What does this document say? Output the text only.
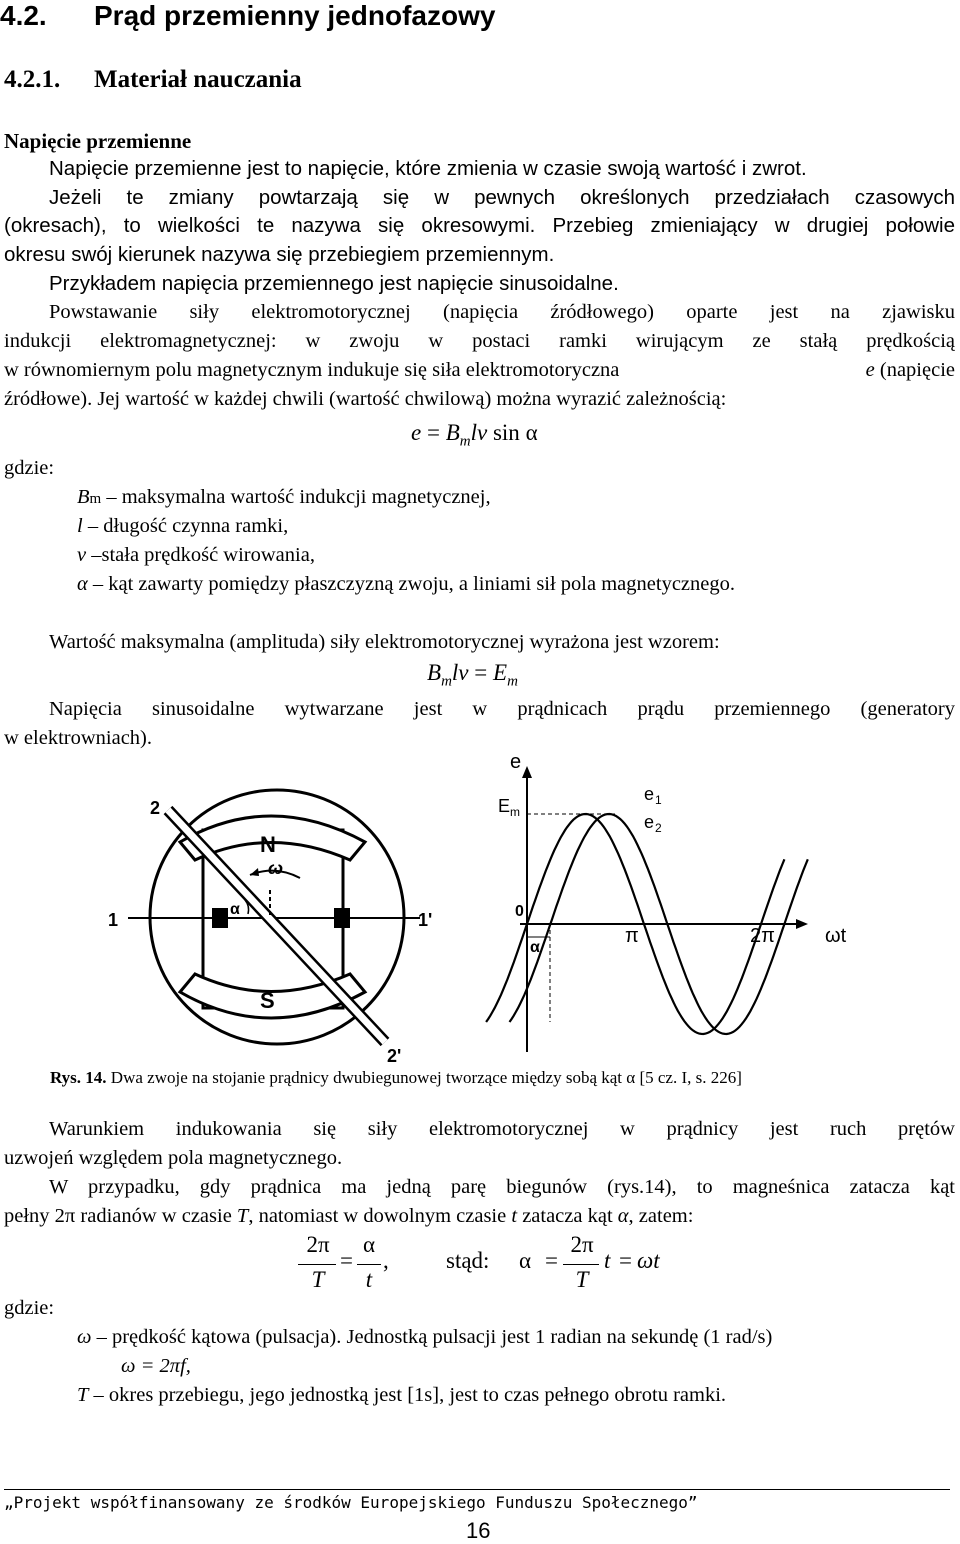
4.2. Prąd przemienny jednofazowy
4.2.1. Materiał nauczania
Napięcie przemienne
Napięcie przemienne jest to napięcie, które zmienia w czasie swoją wartość i zwrot.
Jeżeli te zmiany powtarzają się w pewnych określonych przedziałach czasowych
(okresach), to wielkości te nazywa się okresowymi. Przebieg zmieniający w drugiej połowie
okresu swój kierunek nazywa się przebiegiem przemiennym.
Przykładem napięcia przemiennego jest napięcie sinusoidalne.
Powstawanie siły elektromotorycznej (napięcia źródłowego) oparte jest na zjawisku
indukcji elektromagnetycznej: w zwoju w postaci ramki wirującym ze stałą prędkością
w równomiernym polu magnetycznym indukuje się siła elektromotoryczna	e (napięcie
źródłowe). Jej wartość w każdej chwili (wartość chwilową) można wyrazić zależnością:
$e = B_mlv$ sin α
gdzie:
Bm – maksymalna wartość indukcji magnetycznej,
l – długość czynna ramki,
v –stała prędkość wirowania,
α – kąt zawarty pomiędzy płaszczyzną zwoju, a liniami sił pola magnetycznego.
Wartość maksymalna (amplituda) siły elektromotorycznej wyrażona jest wzorem:
$B_mlv = E_m$
Napięcia sinusoidalne wytwarzane jest w prądnicach prądu przemiennego (generatory
w elektrowniach).
N
S
ω
α
1	1'
2
2'
e
E m
e 1
e 2
0
α
π	2π	ωt
Rys. 14. Dwa zwoje na stojanie prądnicy dwubiegunowej tworzące między sobą kąt α [5 cz. I, s. 226]
Warunkiem indukowania się siły elektromotorycznej w prądnicy jest ruch prętów
uzwojeń względem pola magnetycznego.
W przypadku, gdy prądnica ma jedną parę biegunów (rys.14), to magneśnica zatacza kąt
pełny 2π radianów w czasie T, natomiast w dowolnym czasie t zatacza kąt α, zatem:
2π
T
=
α
t
, stąd: α =
2π
T
t = ωt
gdzie:
ω – prędkość kątowa (pulsacja). Jednostką pulsacji jest 1 radian na sekundę (1 rad/s)
ω = 2πf,
T – okres przebiegu, jego jednostką jest [1s], jest to czas pełnego obrotu ramki.
„Projekt współfinansowany ze środków Europejskiego Funduszu Społecznego”
16
